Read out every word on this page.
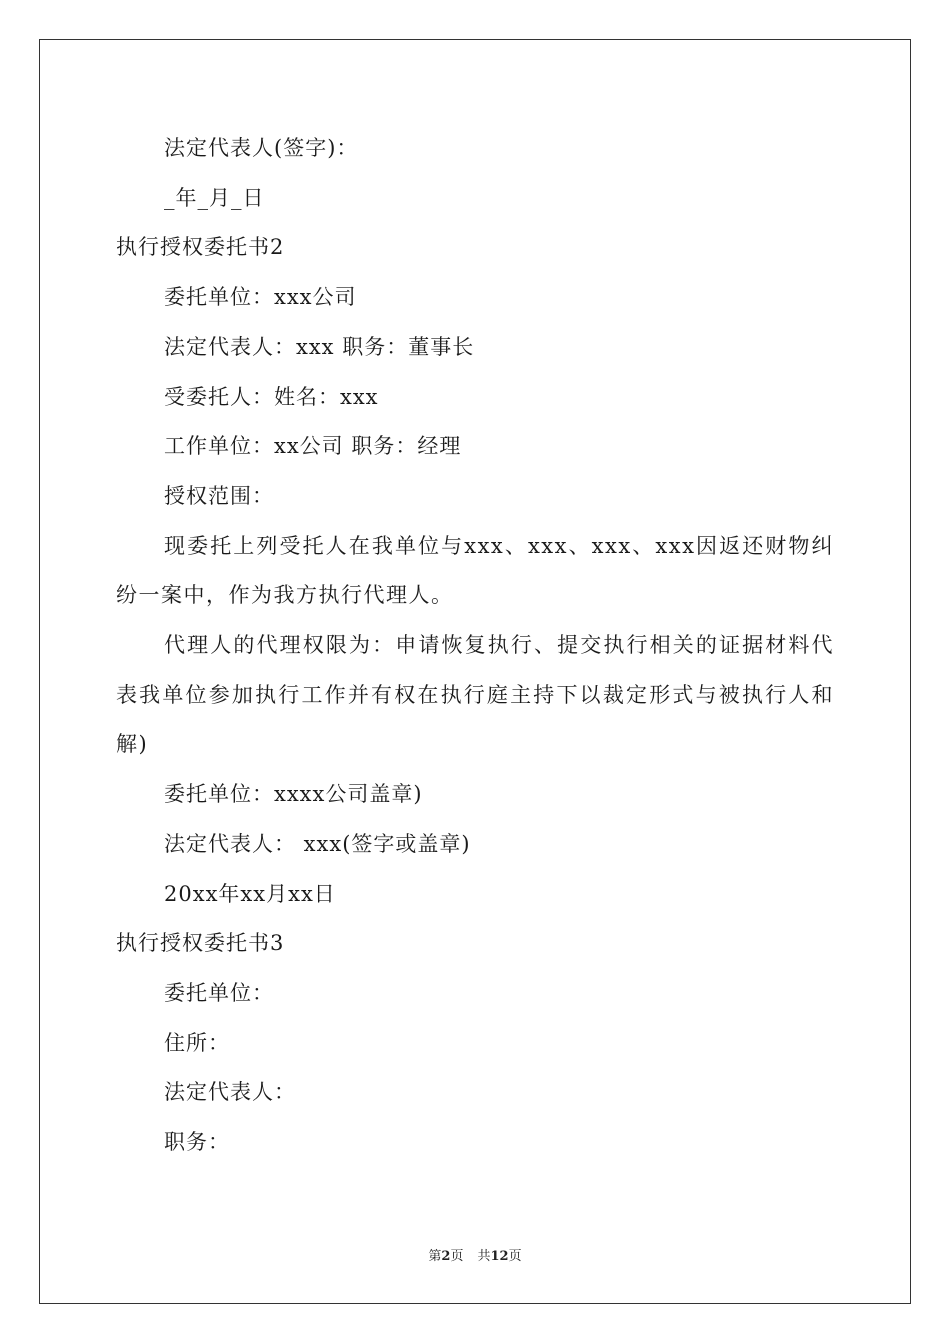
法定代表人(签字)：
_年_月_日
执行授权委托书2
委托单位：xxx公司
法定代表人：xxx 职务：董事长
受委托人：姓名：xxx
工作单位：xx公司 职务：经理
授权范围：
现委托上列受托人在我单位与xxx、xxx、xxx、xxx因返还财物纠纷一案中，作为我方执行代理人。
代理人的代理权限为：申请恢复执行、提交执行相关的证据材料代表我单位参加执行工作并有权在执行庭主持下以裁定形式与被执行人和解)
委托单位：xxxx公司盖章)
法定代表人： xxx(签字或盖章)
20xx年xx月xx日
执行授权委托书3
委托单位：
住所：
法定代表人：
职务：
第2页 共12页
